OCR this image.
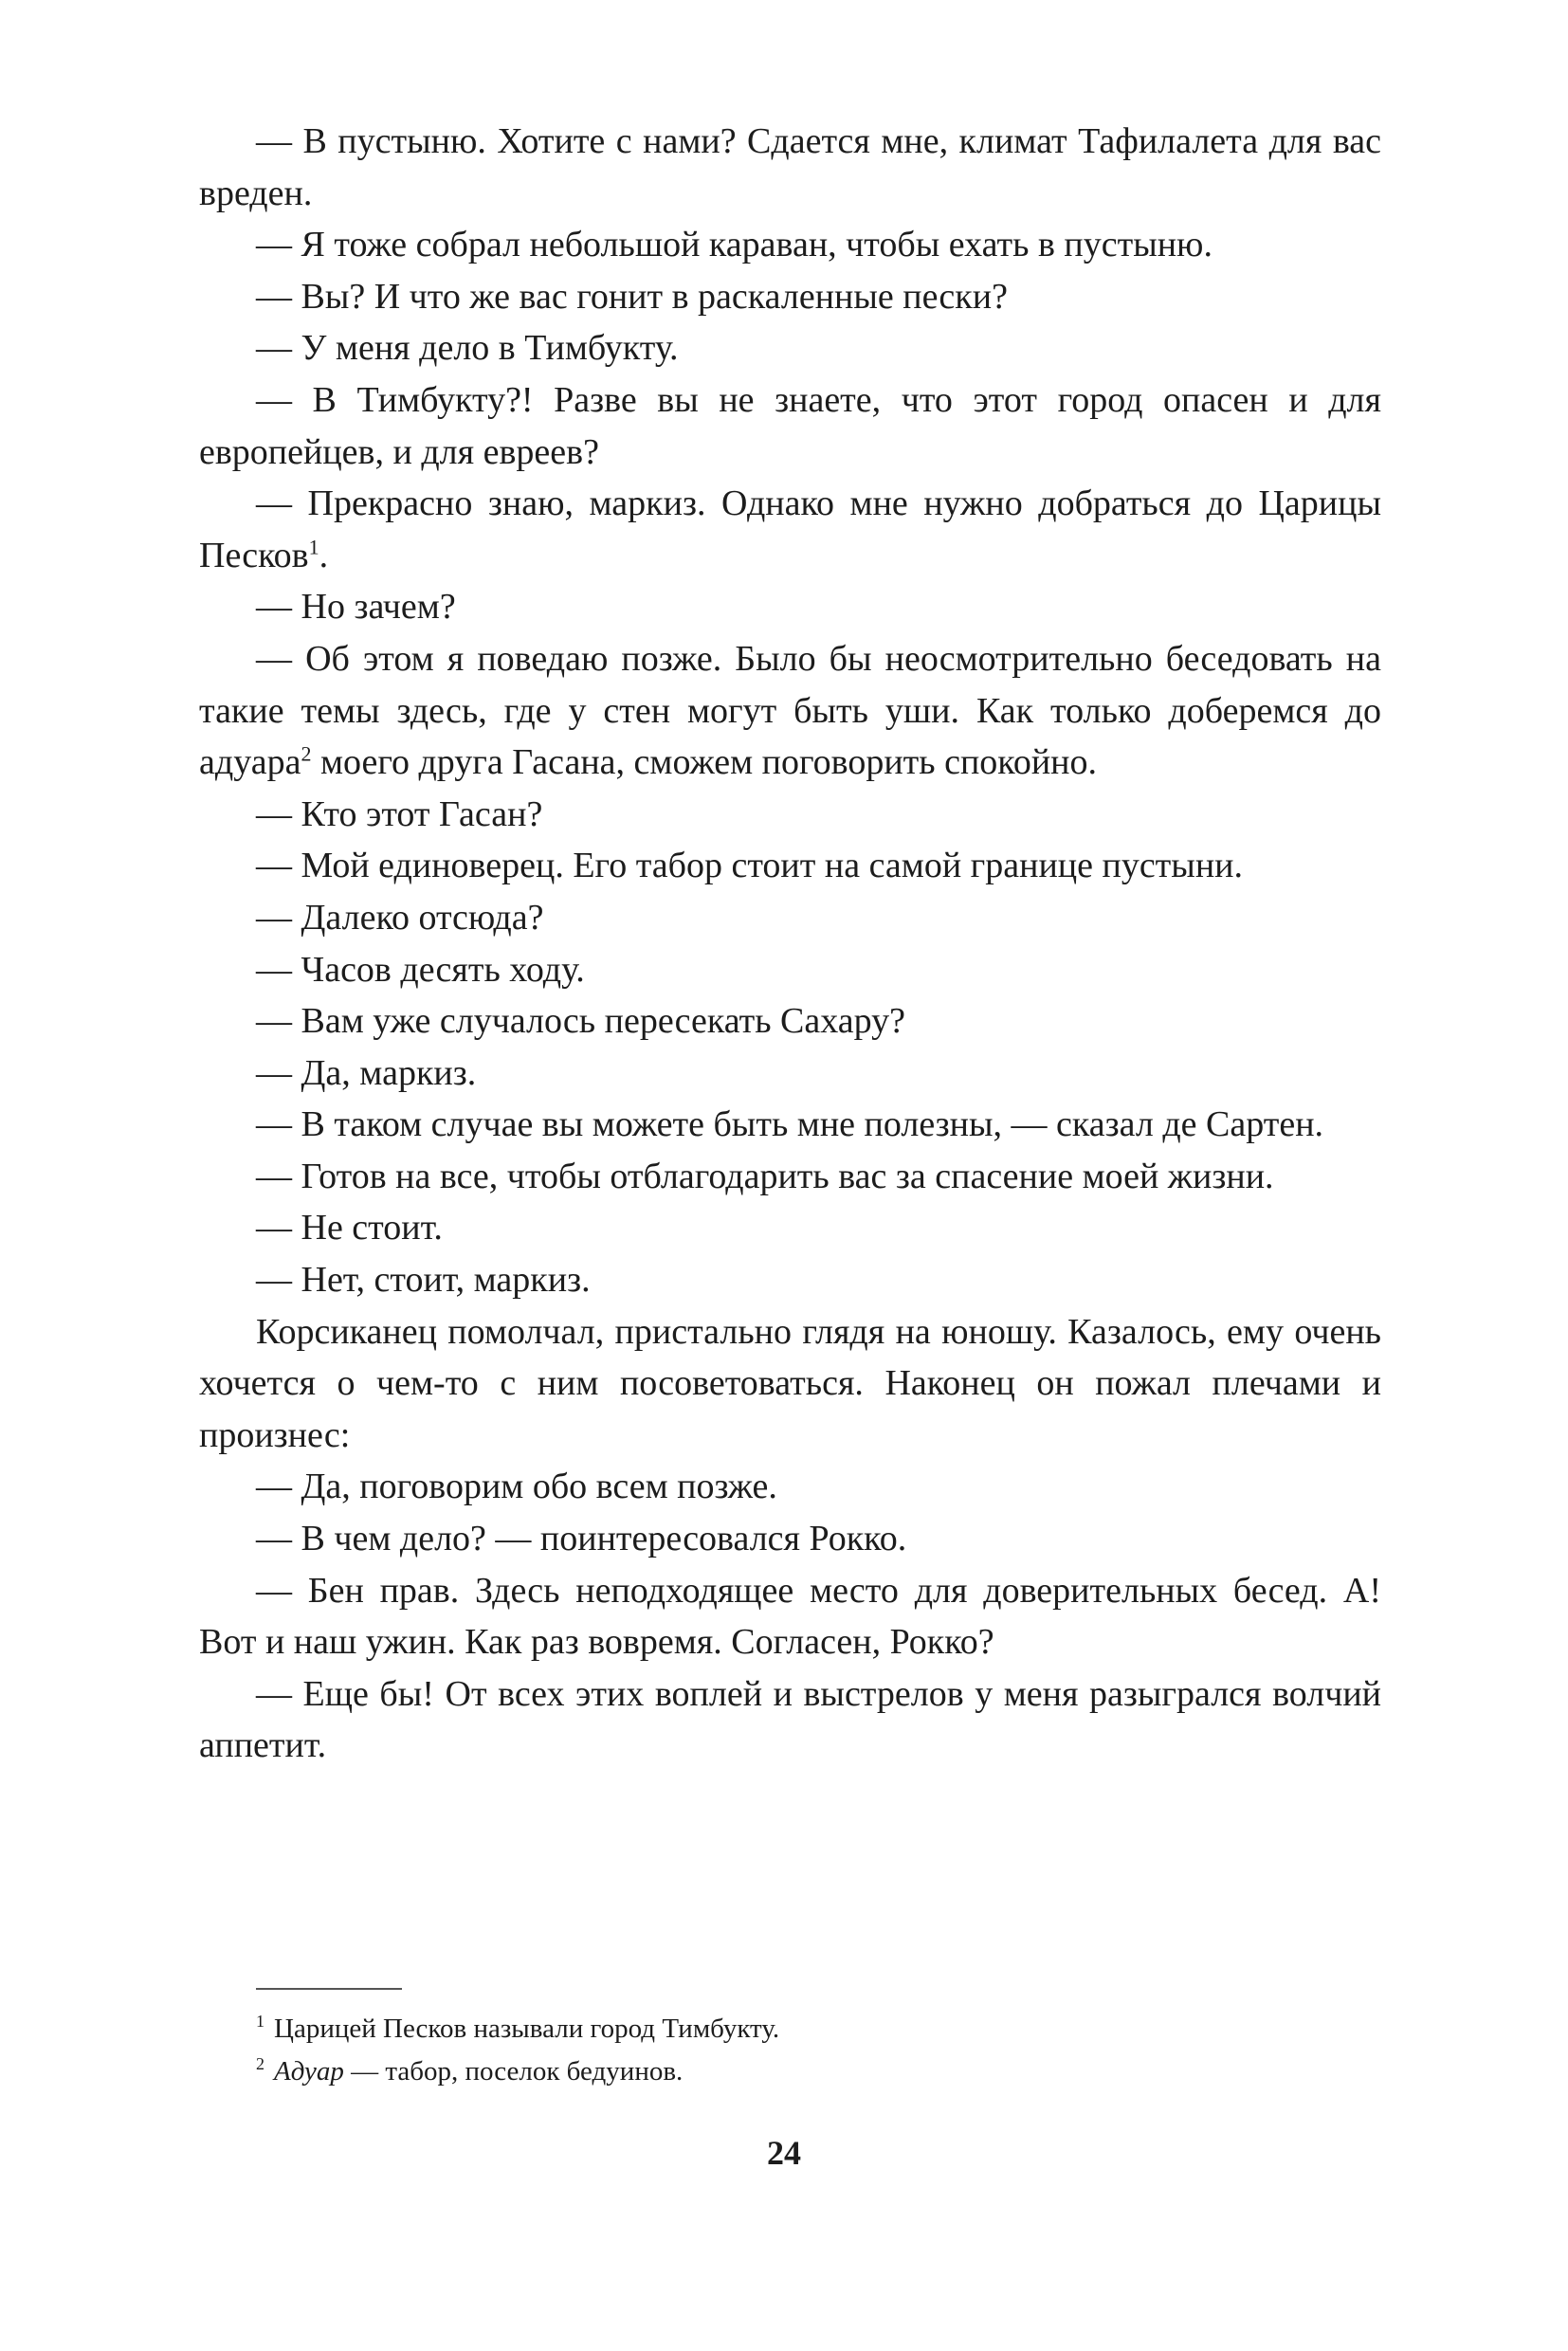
— В пустыню. Хотите с нами? Сдается мне, климат Тафилалета для вас вреден.

— Я тоже собрал небольшой караван, чтобы ехать в пустыню.

— Вы? И что же вас гонит в раскаленные пески?

— У меня дело в Тимбукту.

— В Тимбукту?! Разве вы не знаете, что этот город опасен и для европейцев, и для евреев?

— Прекрасно знаю, маркиз. Однако мне нужно добраться до Царицы Песков$^1$.

— Но зачем?

— Об этом я поведаю позже. Было бы неосмотрительно беседовать на такие темы здесь, где у стен могут быть уши. Как только доберемся до адуара$^2$ моего друга Гасана, сможем поговорить спокойно.

— Кто этот Гасан?

— Мой единоверец. Его табор стоит на самой границе пустыни.

— Далеко отсюда?

— Часов десять ходу.

— Вам уже случалось пересекать Сахару?

— Да, маркиз.

— В таком случае вы можете быть мне полезны, — сказал де Сартен.

— Готов на все, чтобы отблагодарить вас за спасение моей жизни.

— Не стоит.

— Нет, стоит, маркиз.

Корсиканец помолчал, пристально глядя на юношу. Казалось, ему очень хочется о чем-то с ним посоветоваться. Наконец он пожал плечами и произнес:

— Да, поговорим обо всем позже.

— В чем дело? — поинтересовался Рокко.

— Бен прав. Здесь неподходящее место для доверительных бесед. А! Вот и наш ужин. Как раз вовремя. Согласен, Рокко?

— Еще бы! От всех этих воплей и выстрелов у меня разыгрался волчий аппетит.

$^1$ Царицей Песков называли город Тимбукту.

$^2$ Адуар — табор, поселок бедуинов.

24
